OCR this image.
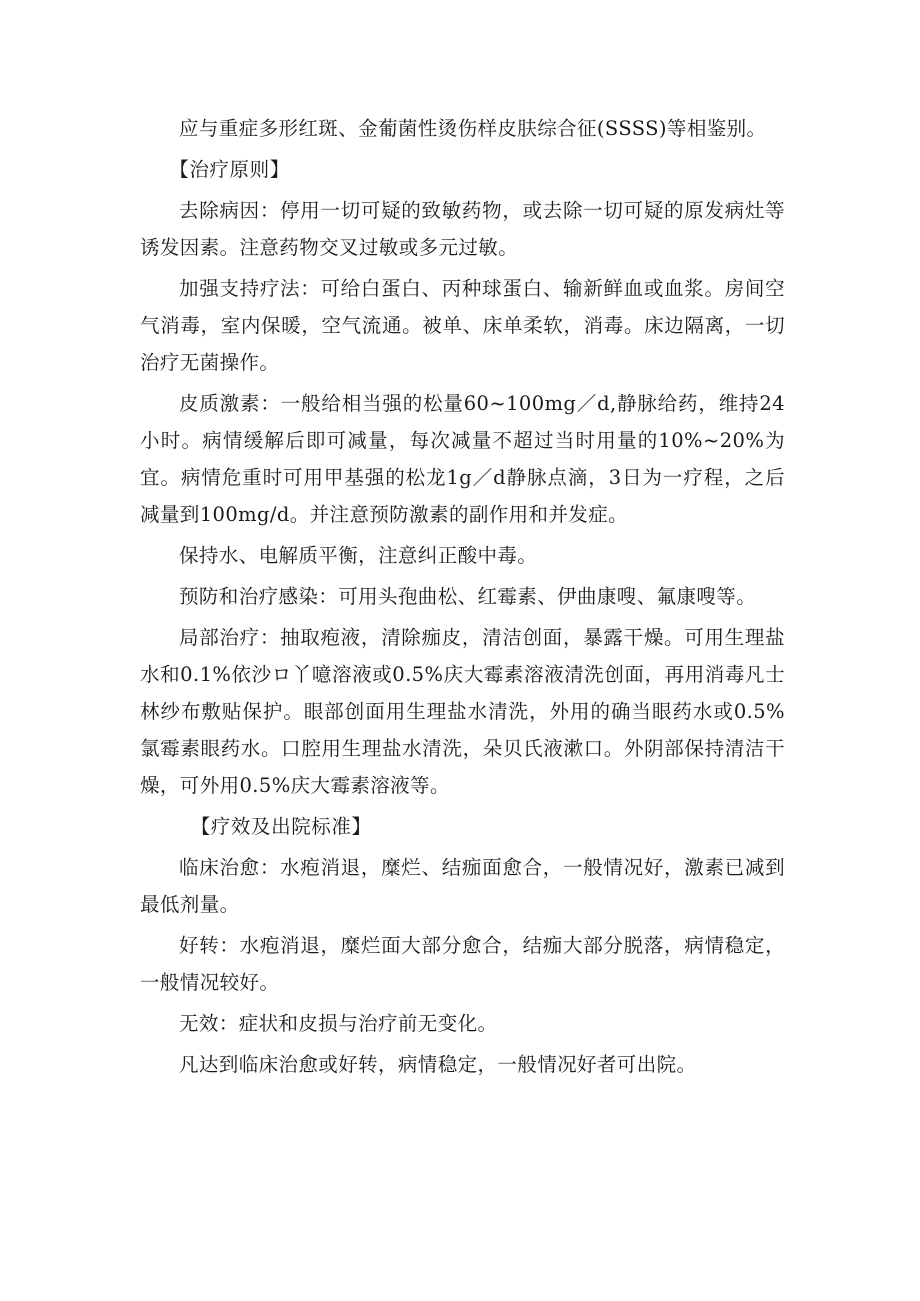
应与重症多形红斑、金葡菌性烫伤样皮肤综合征(SSSS)等相鉴别。

【治疗原则】

去除病因：停用一切可疑的致敏药物，或去除一切可疑的原发病灶等诱发因素。注意药物交叉过敏或多元过敏。

加强支持疗法：可给白蛋白、丙种球蛋白、输新鲜血或血浆。房间空气消毒，室内保暖，空气流通。被单、床单柔软，消毒。床边隔离，一切治疗无菌操作。

皮质激素：一般给相当强的松量60~100mg／d,静脉给药，维持24小时。病情缓解后即可减量，每次减量不超过当时用量的10%~20%为宜。病情危重时可用甲基强的松龙1g／d静脉点滴，3日为一疗程，之后减量到100mg/d。并注意预防激素的副作用和并发症。

保持水、电解质平衡，注意纠正酸中毒。

预防和治疗感染：可用头孢曲松、红霉素、伊曲康嗖、氟康嗖等。

局部治疗：抽取疱液，清除痂皮，清洁创面，暴露干燥。可用生理盐水和0.1%依沙ロ丫噫溶液或0.5%庆大霉素溶液清洗创面，再用消毒凡士林纱布敷贴保护。眼部创面用生理盐水清洗，外用的确当眼药水或0.5%氯霉素眼药水。口腔用生理盐水清洗，朵贝氏液漱口。外阴部保持清洁干燥，可外用0.5%庆大霉素溶液等。

【疗效及出院标准】

临床治愈：水疱消退，糜烂、结痂面愈合，一般情况好，激素已减到最低剂量。

好转：水疱消退，糜烂面大部分愈合，结痂大部分脱落，病情稳定，一般情况较好。

无效：症状和皮损与治疗前无变化。

凡达到临床治愈或好转，病情稳定，一般情况好者可出院。
